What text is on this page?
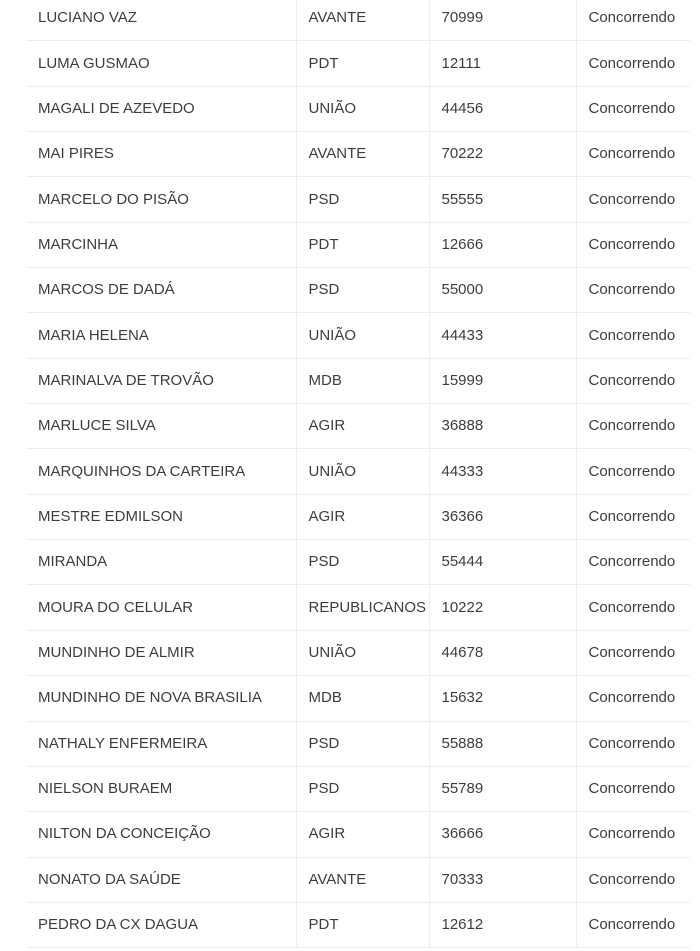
LUCIANO VAZ	AVANTE	70999	Concorrendo
LUMA GUSMAO	PDT	12111	Concorrendo
MAGALI DE AZEVEDO	UNIÃO	44456	Concorrendo
MAI PIRES	AVANTE	70222	Concorrendo
MARCELO DO PISÃO	PSD	55555	Concorrendo
MARCINHA	PDT	12666	Concorrendo
MARCOS DE DADÁ	PSD	55000	Concorrendo
MARIA HELENA	UNIÃO	44433	Concorrendo
MARINALVA DE TROVÃO	MDB	15999	Concorrendo
MARLUCE SILVA	AGIR	36888	Concorrendo
MARQUINHOS DA CARTEIRA	UNIÃO	44333	Concorrendo
MESTRE EDMILSON	AGIR	36366	Concorrendo
MIRANDA	PSD	55444	Concorrendo
MOURA DO CELULAR	REPUBLICANOS	10222	Concorrendo
MUNDINHO DE ALMIR	UNIÃO	44678	Concorrendo
MUNDINHO DE NOVA BRASILIA	MDB	15632	Concorrendo
NATHALY ENFERMEIRA	PSD	55888	Concorrendo
NIELSON BURAEM	PSD	55789	Concorrendo
NILTON DA CONCEIÇÃO	AGIR	36666	Concorrendo
NONATO DA SAÚDE	AVANTE	70333	Concorrendo
PEDRO DA CX DAGUA	PDT	12612	Concorrendo
